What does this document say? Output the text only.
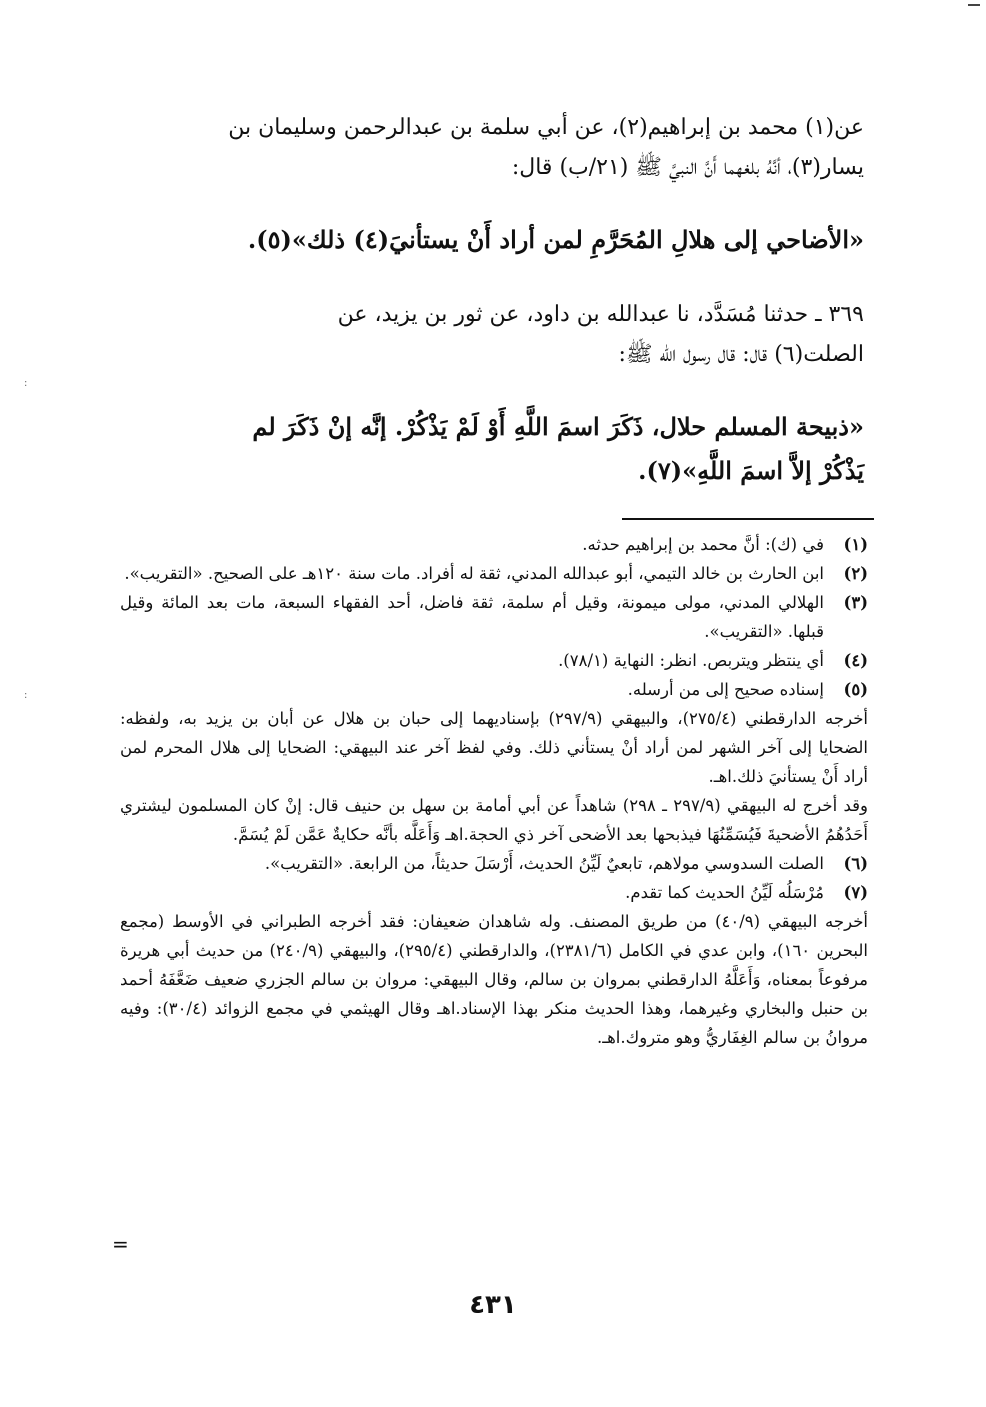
:
:

عن(١) محمد بن إبراهيم(٢)، عن أبي سلمة بن عبدالرحمن وسليمان بن

يسار(٣)، أنَّهُ بلغهما أَنَّ النبيَّ ﷺ (٢١/ب) قال:

«الأضاحي إلى هلالِ المُحَرَّمِ لمن أراد أَنْ يستأنيَ(٤) ذلك»(٥).

٣٦٩ ـ حدثنا مُسَدَّد، نا عبدالله بن داود، عن ثور بن يزيد، عن

الصلت(٦) قال: قال رسول الله ﷺ:

«ذبيحة المسلم حلال، ذَكَرَ اسمَ اللَّهِ أَوْ لَمْ يَذْكُرْ. إنَّه إنْ ذَكَرَ لم
يَذْكُرْ إلاَّ اسمَ اللَّهِ»(٧).
(١)
في (ك): أنَّ محمد بن إبراهيم حدثه.
(٢)
ابن الحارث بن خالد التيمي، أبو عبدالله المدني، ثقة له أفراد. مات سنة ١٢٠هـ على الصحيح. «التقريب».
(٣)
الهلالي المدني، مولى ميمونة، وقيل أم سلمة، ثقة فاضل، أحد الفقهاء السبعة، مات بعد المائة وقيل قبلها. «التقريب».
(٤)
أي ينتظر ويتربص. انظر: النهاية (٧٨/١).
(٥)
إسناده صحيح إلى من أرسله.
أخرجه الدارقطني (٢٧٥/٤)، والبيهقي (٢٩٧/٩) بإسناديهما إلى حبان بن هلال عن أبان بن يزيد به، ولفظه: الضحايا إلى آخر الشهر لمن أراد أنْ يستأني ذلك. وفي لفظ آخر عند البيهقي: الضحايا إلى هلال المحرم لمن أراد أَنْ يستأنيَ ذلك.اهـ.
وقد أخرج له البيهقي (٢٩٧/٩ ـ ٢٩٨) شاهداً عن أبي أمامة بن سهل بن حنيف قال: إنْ كان المسلمون ليشتري أَحَدُهُمُ الأضحيةَ فَيُسَمِّنُهَا فيذبحها بعد الأضحى آخر ذي الحجة.اهـ وَأَعَلَّه بأنَّه حكايةٌ عَمَّن لَمْ يُسَمَّ.
(٦)
الصلت السدوسي مولاهم، تابعيٌ لَيِّنُ الحديث، أَرْسَلَ حديثاً، من الرابعة. «التقريب».
(٧)
مُرْسَلُه لَيِّنُ الحديث كما تقدم.
أخرجه البيهقي (٤٠/٩) من طريق المصنف. وله شاهدان ضعيفان: فقد أخرجه الطبراني في الأوسط (مجمع البحرين ١٦٠)، وابن عدي في الكامل (٢٣٨١/٦)، والدارقطني (٢٩٥/٤)، والبيهقي (٢٤٠/٩) من حديث أبي هريرة مرفوعاً بمعناه، وَأَعَلَّهُ الدارقطني بمروان بن سالم، وقال البيهقي: مروان بن سالم الجزري ضعيف ضَعَّفَهُ أحمد بن حنبل والبخاري وغيرهما، وهذا الحديث منكر بهذا الإسناد.اهـ وقال الهيثمي في مجمع الزوائد (٣٠/٤): وفيه مروانُ بن سالم الغِفَاريُّ وهو متروك.اهـ.
=
٤٣١
